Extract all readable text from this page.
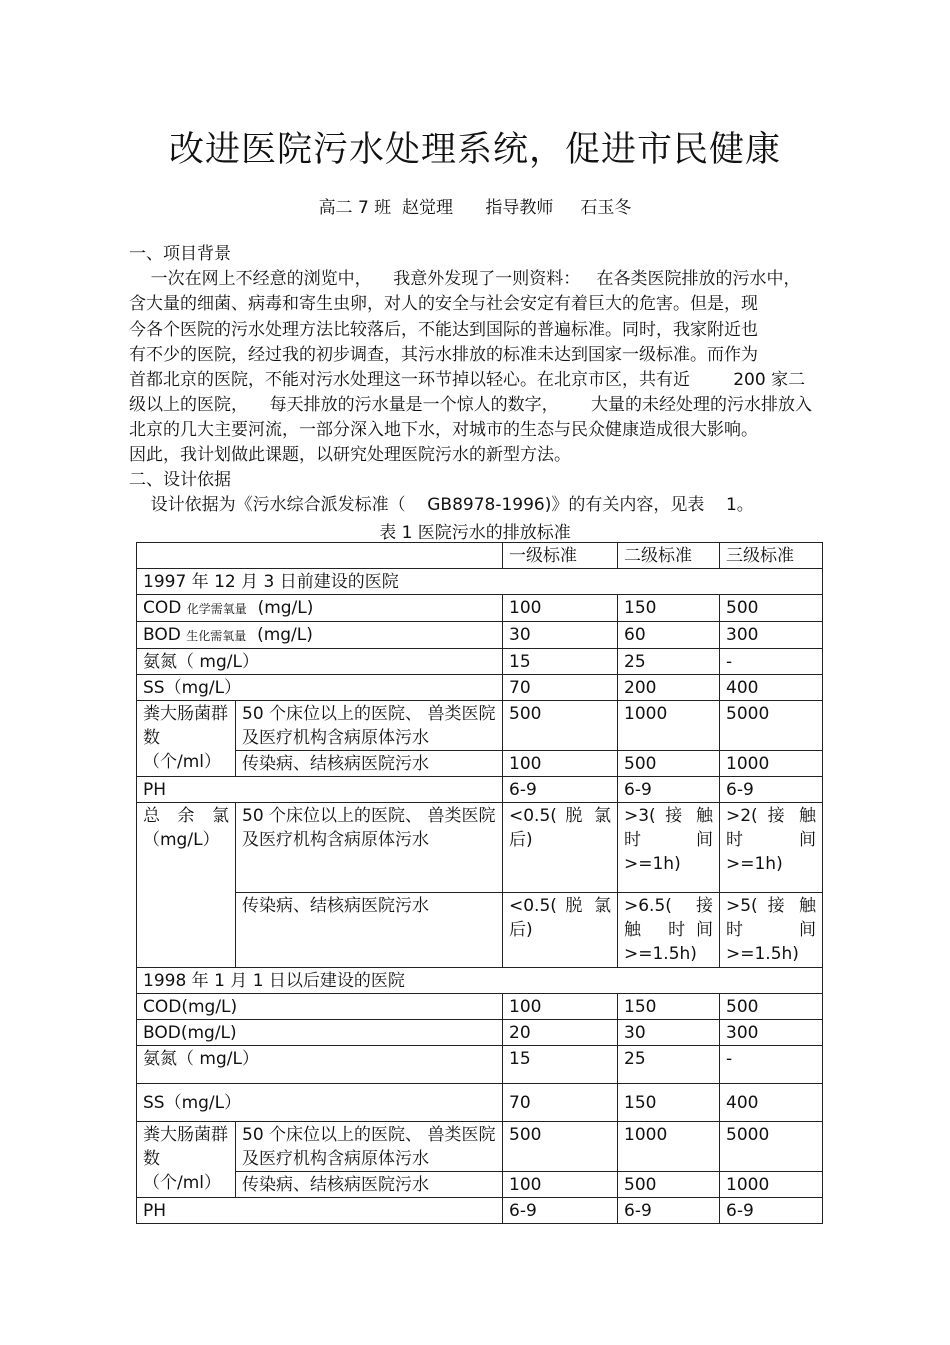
改进医院污水处理系统，促进市民健康
高二 7 班  赵觉理      指导教师     石玉冬
一、项目背景
一次在网上不经意的浏览中，    我意外发现了一则资料：   在各类医院排放的污水中，
含大量的细菌、病毒和寄生虫卵，对人的安全与社会安定有着巨大的危害。但是，现
今各个医院的污水处理方法比较落后，不能达到国际的普遍标准。同时，我家附近也
有不少的医院，经过我的初步调查，其污水排放的标准未达到国家一级标准。而作为
首都北京的医院，不能对污水处理这一环节掉以轻心。在北京市区，共有近        200 家二
级以上的医院，    每天排放的污水量是一个惊人的数字，      大量的未经处理的污水排放入
北京的几大主要河流，一部分深入地下水，对城市的生态与民众健康造成很大影响。
因此，我计划做此课题，以研究处理医院污水的新型方法。
二、设计依据
设计依据为《污水综合派发标准（    GB8978-1996)》的有关内容，见表    1。
表 1 医院污水的排放标准
		一级标准	二级标准	三级标准
1997 年 12 月 3 日前建设的医院				
COD 化学需氧量  (mg/L)		100	150	500
BOD 生化需氧量  (mg/L)		30	60	300
氨氮（ mg/L）		15	25	-
SS（mg/L）		70	200	400
粪大肠菌群数（个/ml）	50 个床位以上的医院、 兽类医院及医疗机构含病原体污水	500	1000	5000
	传染病、结核病医院污水	100	500	1000
PH		6-9	6-9	6-9
总 余 氯（mg/L）	50 个床位以上的医院、 兽类医院及医疗机构含病原体污水	<0.5( 脱 氯后)	>3( 接 触 时间>=1h)	>2( 接 触 时间>=1h)
	传染病、结核病医院污水	<0.5( 脱 氯后)	>6.5( 接 触 时间>=1.5h)	>5( 接 触 时间>=1.5h)
1998 年 1 月 1 日以后建设的医院				
COD(mg/L)		100	150	500
BOD(mg/L)		20	30	300
氨氮（ mg/L）		15	25	-
SS（mg/L）		70	150	400
粪大肠菌群数（个/ml）	50 个床位以上的医院、 兽类医院及医疗机构含病原体污水	500	1000	5000
	传染病、结核病医院污水	100	500	1000
PH		6-9	6-9	6-9
